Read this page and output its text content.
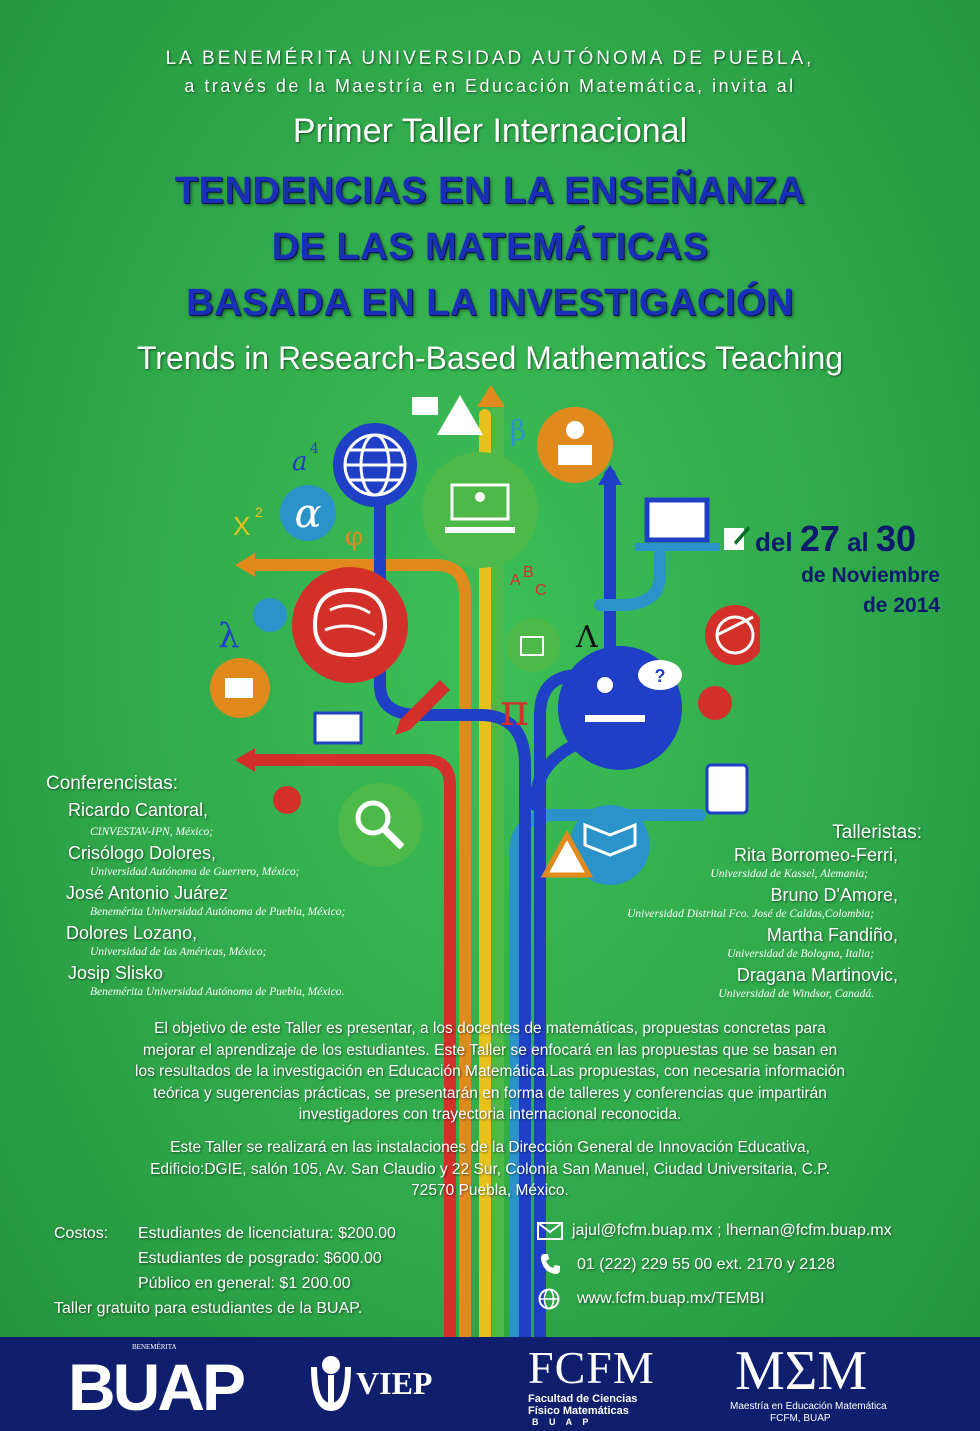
LA BENEMÉRITA UNIVERSIDAD AUTÓNOMA DE PUEBLA,
a través de la Maestría en Educación Matemática, invita al
Primer Taller Internacional
TENDENCIAS EN LA ENSEÑANZA
DE LAS MATEMÁTICAS
BASADA EN LA INVESTIGACIÓN
Trends in Research-Based Mathematics Teaching
α
?
a 4
X 2
φ
β
λ	Λ
π
A B
C
del 27 al 30
de Noviembre
de 2014
Conferencistas:
Ricardo Cantoral,
CINVESTAV-IPN, México;
Crisólogo Dolores,
Universidad Autónoma de Guerrero, México;
José Antonio Juárez
Benemérita Universidad Autónoma de Puebla, México;
Dolores Lozano,
Universidad de las Américas, México;
Josip Slisko
Benemérita Universidad Autónoma de Puebla, México.
Talleristas:
Rita Borromeo-Ferri,
Universidad de Kassel, Alemania;
Bruno D'Amore,
Universidad Distrital Fco. José de Caldas,Colombia;
Martha Fandiño,
Universidad de Bologna, Italia;
Dragana Martinovic,
Universidad de Windsor, Canadá.
El objetivo de este Taller es presentar, a los docentes de matemáticas, propuestas concretas para
mejorar el aprendizaje de los estudiantes. Este Taller se enfocará en las propuestas que se basan en
los resultados de la investigación en Educación Matemática.Las propuestas, con necesaria información
teórica y sugerencias prácticas, se presentarán en forma de talleres y conferencias que impartirán
investigadores con trayectoria internacional reconocida.
Este Taller se realizará en las instalaciones de la Dirección General de Innovación Educativa,
Edificio:DGIE, salón 105, Av. San Claudio y 22 Sur, Colonia San Manuel, Ciudad Universitaria, C.P.
72570 Puebla, México.
Costos: Estudiantes de licenciatura: $200.00
Estudiantes de posgrado: $600.00
Público en general: $1 200.00
Taller gratuito para estudiantes de la BUAP.
jajul@fcfm.buap.mx ; lhernan@fcfm.buap.mx
01 (222) 229 55 00 ext. 2170 y 2128
www.fcfm.buap.mx/TEMBI
BENEMÉRITA
BUAP	VIEP FCFM
Facultad de Ciencias
Físico Matemáticas
B U A P
MΣM
Maestría en Educación Matemática
FCFM, BUAP
